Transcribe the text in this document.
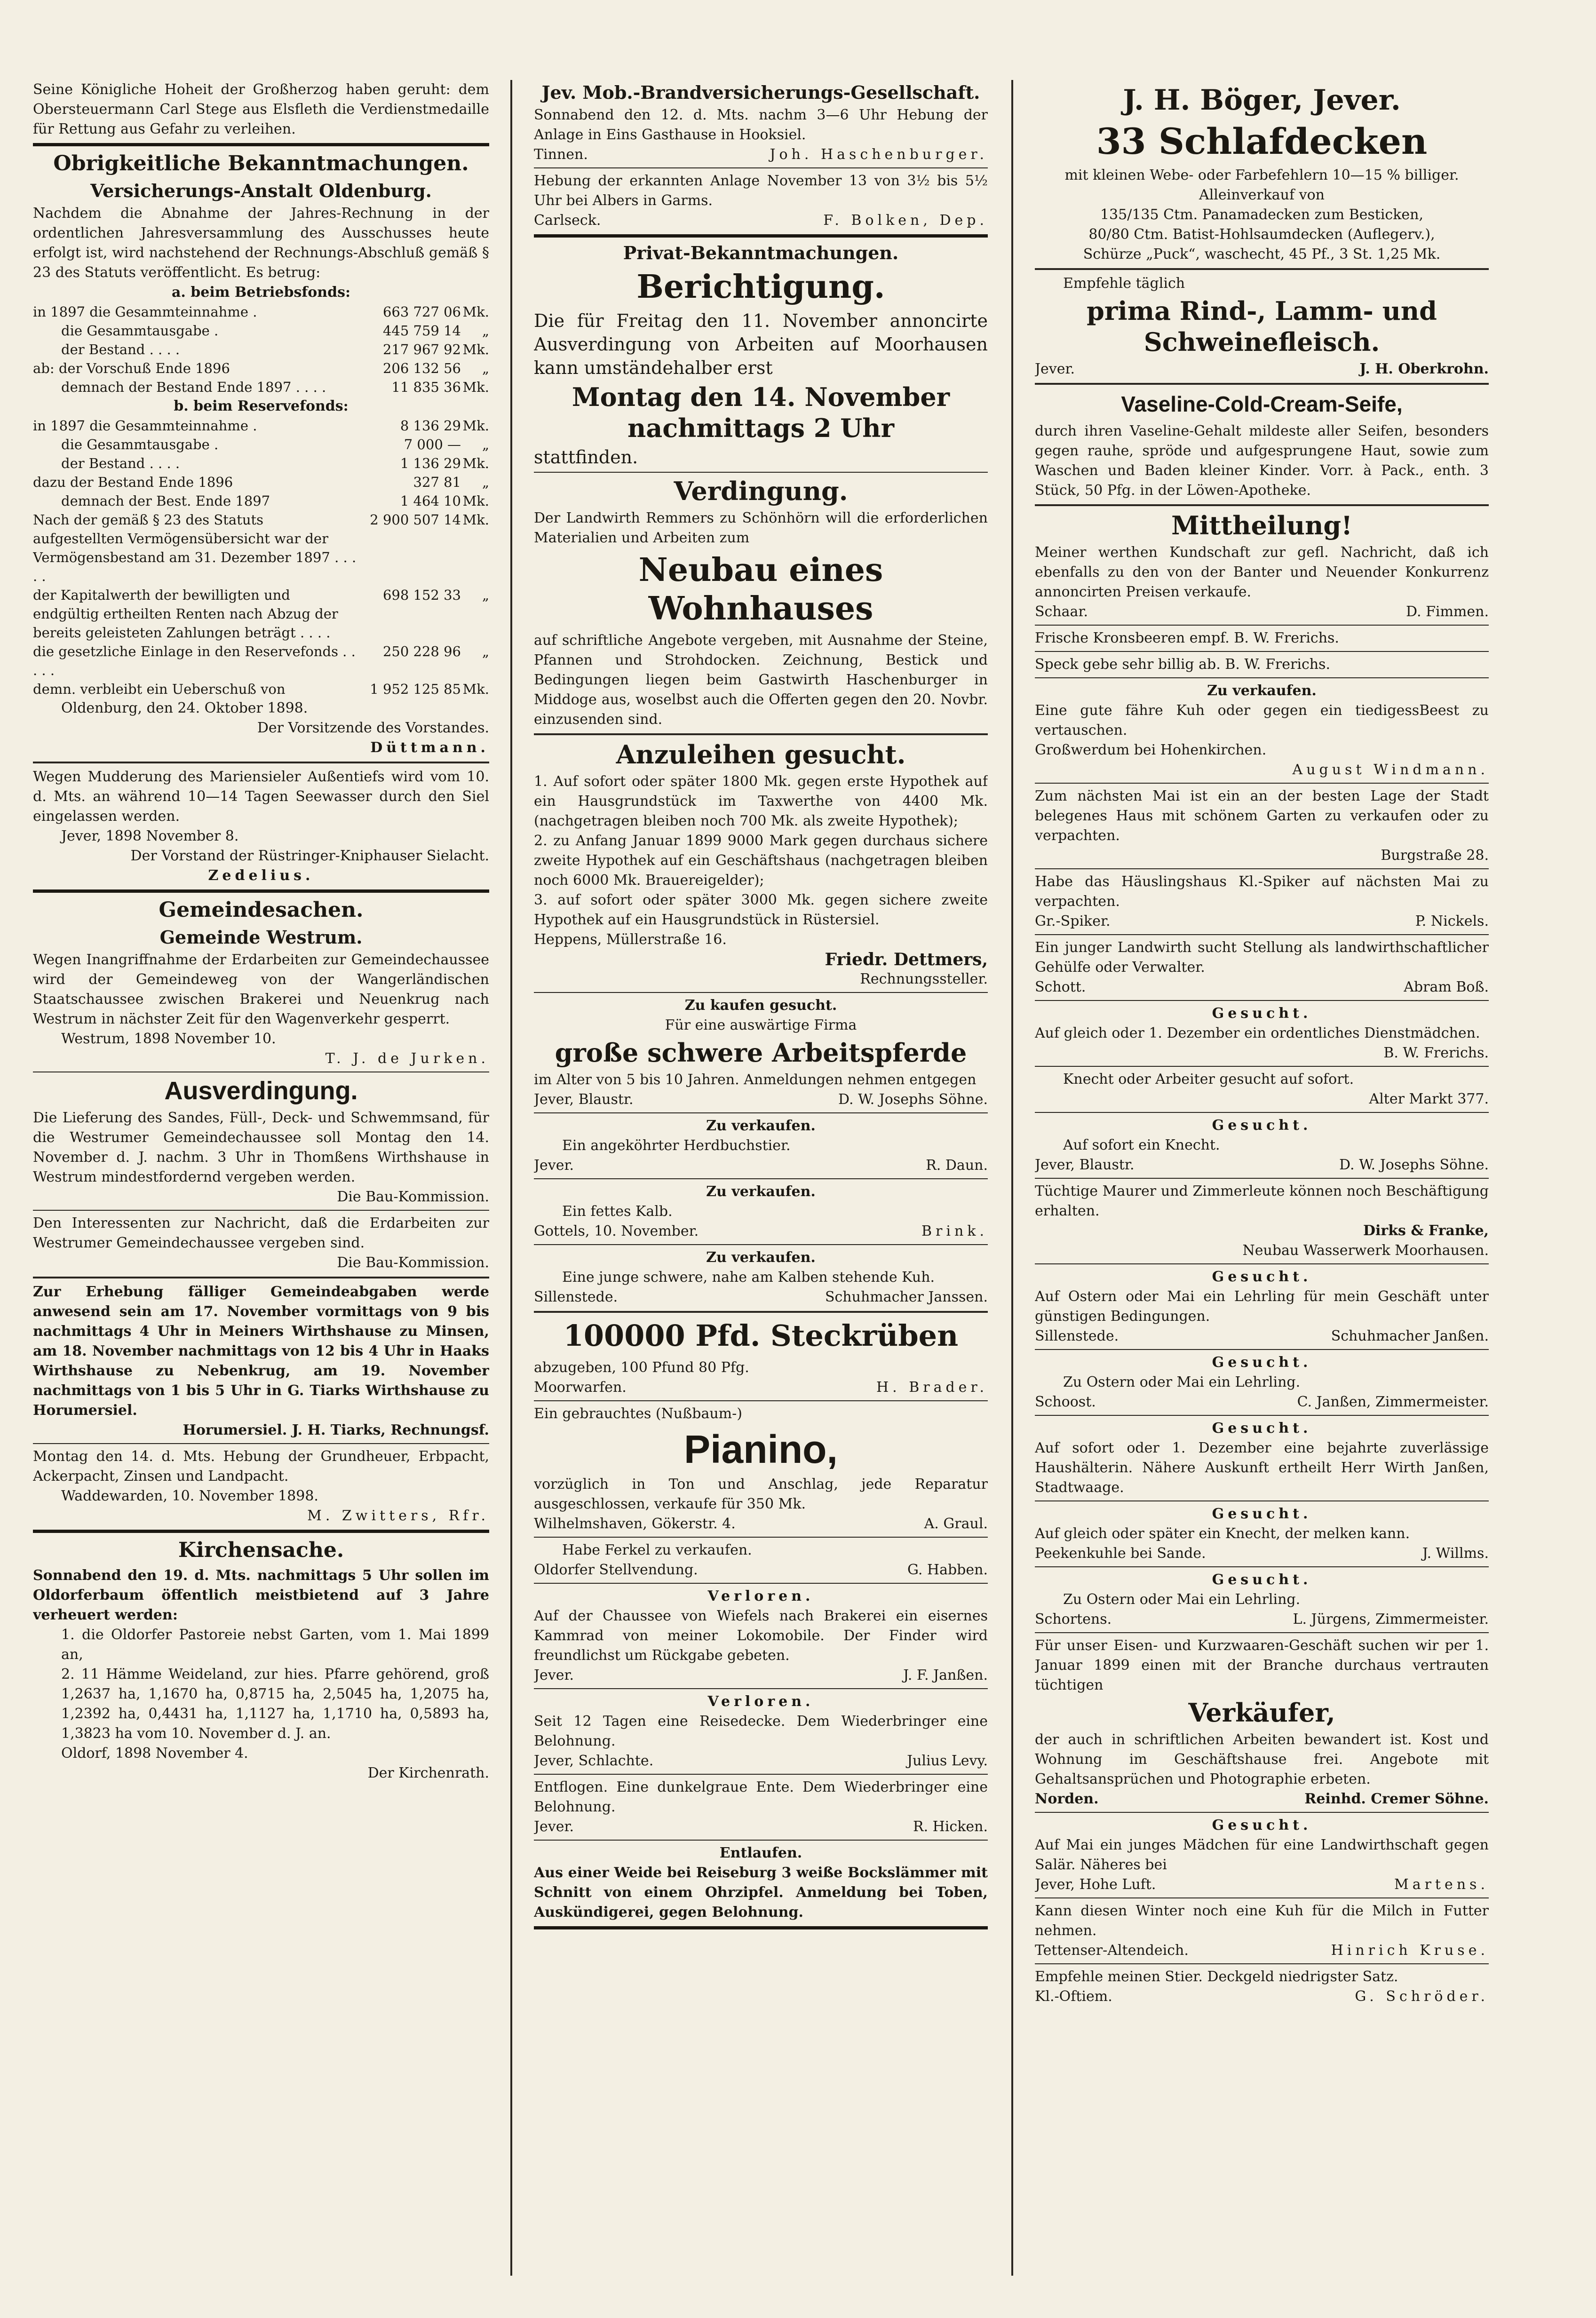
Seine Königliche Hoheit der Großherzog haben geruht: dem Obersteuermann Carl Stege aus Elsfleth die Verdienstmedaille für Rettung aus Gefahr zu verleihen.

Obrigkeitliche Bekanntmachungen.
Versicherungs-Anstalt Oldenburg.

Nachdem die Abnahme der Jahres-Rechnung in der ordentlichen Jahresversammlung des Ausschusses heute erfolgt ist, wird nachstehend der Rechnungs-Abschluß gemäß § 23 des Statuts veröffentlicht. Es betrug:

a. beim Betriebsfonds:
in 1897 die Gesammteinnahme .	663 727 06 Mk.
die Gesammtausgabe .	445 759 14	„
der Bestand . . . .	217 967 92 Mk.
ab: der Vorschuß Ende 1896	206 132 56	„
demnach der Bestand Ende 1897 . . . .	11 835 36 Mk.
b. beim Reservefonds:
in 1897 die Gesammteinnahme .	8 136 29 Mk.
die Gesammtausgabe .	7 000 —	„
der Bestand . . . .	1 136 29 Mk.
dazu der Bestand Ende 1896	327 81	„
demnach der Best. Ende 1897	1 464 10 Mk.
Nach der gemäß § 23 des Statuts aufgestellten Vermögensübersicht war der Vermögensbestand am 31. Dezember 1897 . . . . .
2 900 507 14 Mk.
der Kapitalwerth der bewilligten und endgültig ertheilten Renten nach Abzug der bereits geleisteten Zahlungen beträgt . . . .
698 152 33	„
die gesetzliche Einlage in den Reservefonds . . . . .
250 228 96	„
demn. verbleibt ein Ueberschuß von	1 952 125 85 Mk.
Oldenburg, den 24. Oktober 1898.
Der Vorsitzende des Vorstandes.
Düttmann.

Wegen Mudderung des Mariensieler Außentiefs wird vom 10. d. Mts. an während 10—14 Tagen Seewasser durch den Siel eingelassen werden.

Jever, 1898 November 8.
Der Vorstand der Rüstringer-Kniphauser Sielacht.
Zedelius.
Gemeindesachen.
Gemeinde Westrum.

Wegen Inangriffnahme der Erdarbeiten zur Gemeindechaussee wird der Gemeindeweg von der Wangerländischen Staatschaussee zwischen Brakerei und Neuenkrug nach Westrum in nächster Zeit für den Wagenverkehr gesperrt.

Westrum, 1898 November 10.
T. J. de Jurken.
Ausverdingung.

Die Lieferung des Sandes, Füll-, Deck- und Schwemmsand, für die Westrumer Gemeindechaussee soll Montag den 14. November d. J. nachm. 3 Uhr in Thomßens Wirthshause in Westrum mindestfordernd vergeben werden.

Die Bau-Kommission.

Den Interessenten zur Nachricht, daß die Erdarbeiten zur Westrumer Gemeindechaussee vergeben sind.

Die Bau-Kommission.

Zur Erhebung fälliger Gemeindeabgaben werde anwesend sein am 17. November vormittags von 9 bis nachmittags 4 Uhr in Meiners Wirthshause zu Minsen, am 18. November nachmittags von 12 bis 4 Uhr in Haaks Wirthshause zu Nebenkrug, am 19. November nachmittags von 1 bis 5 Uhr in G. Tiarks Wirthshause zu Horumersiel.

Horumersiel. J. H. Tiarks, Rechnungsf.

Montag den 14. d. Mts. Hebung der Grundheuer, Erbpacht, Ackerpacht, Zinsen und Landpacht.

Waddewarden, 10. November 1898.
M. Zwitters, Rfr.
Kirchensache.

Sonnabend den 19. d. Mts. nachmittags 5 Uhr sollen im Oldorferbaum öffentlich meistbietend auf 3 Jahre verheuert werden:

1. die Oldorfer Pastoreie nebst Garten, vom 1. Mai 1899 an,

2. 11 Hämme Weideland, zur hies. Pfarre gehörend, groß 1,2637 ha, 1,1670 ha, 0,8715 ha, 2,5045 ha, 1,2075 ha, 1,2392 ha, 0,4431 ha, 1,1127 ha, 1,1710 ha, 0,5893 ha, 1,3823 ha vom 10. November d. J. an.

Oldorf, 1898 November 4.
Der Kirchenrath.
Jev. Mob.-Brandversicherungs-Gesellschaft.

Sonnabend den 12. d. Mts. nachm 3—6 Uhr Hebung der Anlage in Eins Gasthause in Hooksiel.

Tinnen.	Joh. Haschenburger.

Hebung der erkannten Anlage November 13 von 3½ bis 5½ Uhr bei Albers in Garms.

Carlseck.	F. Bolken, Dep.
Privat-Bekanntmachungen.
Berichtigung.

Die für Freitag den 11. November annoncirte Ausverdingung von Arbeiten auf Moorhausen kann umständehalber erst

Montag den 14. November nachmittags 2 Uhr

stattfinden.

Verdingung.

Der Landwirth Remmers zu Schönhörn will die erforderlichen Materialien und Arbeiten zum

Neubau eines Wohnhauses

auf schriftliche Angebote vergeben, mit Ausnahme der Steine, Pfannen und Strohdocken. Zeichnung, Bestick und Bedingungen liegen beim Gastwirth Haschenburger in Middoge aus, woselbst auch die Offerten gegen den 20. Novbr. einzusenden sind.

Anzuleihen gesucht.

1. Auf sofort oder später 1800 Mk. gegen erste Hypothek auf ein Hausgrundstück im Taxwerthe von 4400 Mk. (nachgetragen bleiben noch 700 Mk. als zweite Hypothek);

2. zu Anfang Januar 1899 9000 Mark gegen durchaus sichere zweite Hypothek auf ein Geschäftshaus (nachgetragen bleiben noch 6000 Mk. Brauereigelder);

3. auf sofort oder später 3000 Mk. gegen sichere zweite Hypothek auf ein Hausgrundstück in Rüstersiel.

Heppens, Müllerstraße 16.
Friedr. Dettmers,
Rechnungssteller.
Zu kaufen gesucht.
Für eine auswärtige Firma
große schwere Arbeitspferde

im Alter von 5 bis 10 Jahren. Anmeldungen nehmen entgegen

Jever, Blaustr.	D. W. Josephs Söhne.
Zu verkaufen.
Ein angeköhrter Herdbuchstier.
Jever.	R. Daun.
Zu verkaufen.
Ein fettes Kalb.
Gottels, 10. November.	Brink.
Zu verkaufen.
Eine junge schwere, nahe am Kalben stehende Kuh.
Sillenstede.	Schuhmacher Janssen.
100000 Pfd. Steckrüben
abzugeben, 100 Pfund 80 Pfg.
Moorwarfen.	H. Brader.
Ein gebrauchtes (Nußbaum-)
Pianino,

vorzüglich in Ton und Anschlag, jede Reparatur ausgeschlossen, verkaufe für 350 Mk.

Wilhelmshaven, Gökerstr. 4.	A. Graul.
Habe Ferkel zu verkaufen.
Oldorfer Stellvendung.	G. Habben.
Verloren.

Auf der Chaussee von Wiefels nach Brakerei ein eisernes Kammrad von meiner Lokomobile. Der Finder wird freundlichst um Rückgabe gebeten.

Jever.	J. F. Janßen.
Verloren.

Seit 12 Tagen eine Reisedecke. Dem Wiederbringer eine Belohnung.

Jever, Schlachte.	Julius Levy.

Entflogen. Eine dunkelgraue Ente. Dem Wiederbringer eine Belohnung.

Jever.	R. Hicken.
Entlaufen.

Aus einer Weide bei Reiseburg 3 weiße Bockslämmer mit Schnitt von einem Ohrzipfel. Anmeldung bei Toben, Auskündigerei, gegen Belohnung.

J. H. Böger, Jever.
33 Schlafdecken
mit kleinen Webe- oder Farbefehlern 10—15 % billiger.
Alleinverkauf von
135/135 Ctm. Panamadecken zum Besticken,
80/80 Ctm. Batist-Hohlsaumdecken (Auflegerv.),
Schürze „Puck“, waschecht, 45 Pf., 3 St. 1,25 Mk.
Empfehle täglich
prima Rind-, Lamm- und Schweinefleisch.
Jever.	J. H. Oberkrohn.
Vaseline-Cold-Cream-Seife,

durch ihren Vaseline-Gehalt mildeste aller Seifen, besonders gegen rauhe, spröde und aufgesprungene Haut, sowie zum Waschen und Baden kleiner Kinder. Vorr. à Pack., enth. 3 Stück, 50 Pfg. in der Löwen-Apotheke.

Mittheilung!

Meiner werthen Kundschaft zur gefl. Nachricht, daß ich ebenfalls zu den von der Banter und Neuender Konkurrenz annoncirten Preisen verkaufe.

Schaar.	D. Fimmen.
Frische Kronsbeeren empf. B. W. Frerichs.
Speck gebe sehr billig ab. B. W. Frerichs.
Zu verkaufen.

Eine gute fähre Kuh oder gegen ein tiedigessBeest zu vertauschen.

Großwerdum bei Hohenkirchen.
August Windmann.

Zum nächsten Mai ist ein an der besten Lage der Stadt belegenes Haus mit schönem Garten zu verkaufen oder zu verpachten.

Burgstraße 28.

Habe das Häuslingshaus Kl.-Spiker auf nächsten Mai zu verpachten.

Gr.-Spiker.	P. Nickels.

Ein junger Landwirth sucht Stellung als landwirthschaftlicher Gehülfe oder Verwalter.

Schott.	Abram Boß.
Gesucht.

Auf gleich oder 1. Dezember ein ordentliches Dienstmädchen.

B. W. Frerichs.
Knecht oder Arbeiter gesucht auf sofort.
Alter Markt 377.
Gesucht.
Auf sofort ein Knecht.
Jever, Blaustr.	D. W. Josephs Söhne.

Tüchtige Maurer und Zimmerleute können noch Beschäftigung erhalten.

Dirks & Franke,
Neubau Wasserwerk Moorhausen.
Gesucht.

Auf Ostern oder Mai ein Lehrling für mein Geschäft unter günstigen Bedingungen.

Sillenstede.	Schuhmacher Janßen.
Gesucht.
Zu Ostern oder Mai ein Lehrling.
Schoost.	C. Janßen, Zimmermeister.
Gesucht.

Auf sofort oder 1. Dezember eine bejahrte zuverlässige Haushälterin. Nähere Auskunft ertheilt Herr Wirth Janßen, Stadtwaage.

Gesucht.

Auf gleich oder später ein Knecht, der melken kann.

Peekenkuhle bei Sande.	J. Willms.
Gesucht.
Zu Ostern oder Mai ein Lehrling.
Schortens.	L. Jürgens, Zimmermeister.

Für unser Eisen- und Kurzwaaren-Geschäft suchen wir per 1. Januar 1899 einen mit der Branche durchaus vertrauten tüchtigen

Verkäufer,

der auch in schriftlichen Arbeiten bewandert ist. Kost und Wohnung im Geschäftshause frei. Angebote mit Gehaltsansprüchen und Photographie erbeten.

Norden.	Reinhd. Cremer Söhne.
Gesucht.

Auf Mai ein junges Mädchen für eine Landwirthschaft gegen Salär. Näheres bei

Jever, Hohe Luft.	Martens.

Kann diesen Winter noch eine Kuh für die Milch in Futter nehmen.

Tettenser-Altendeich.	Hinrich Kruse.

Empfehle meinen Stier. Deckgeld niedrigster Satz.

Kl.-Oftiem.	G. Schröder.
